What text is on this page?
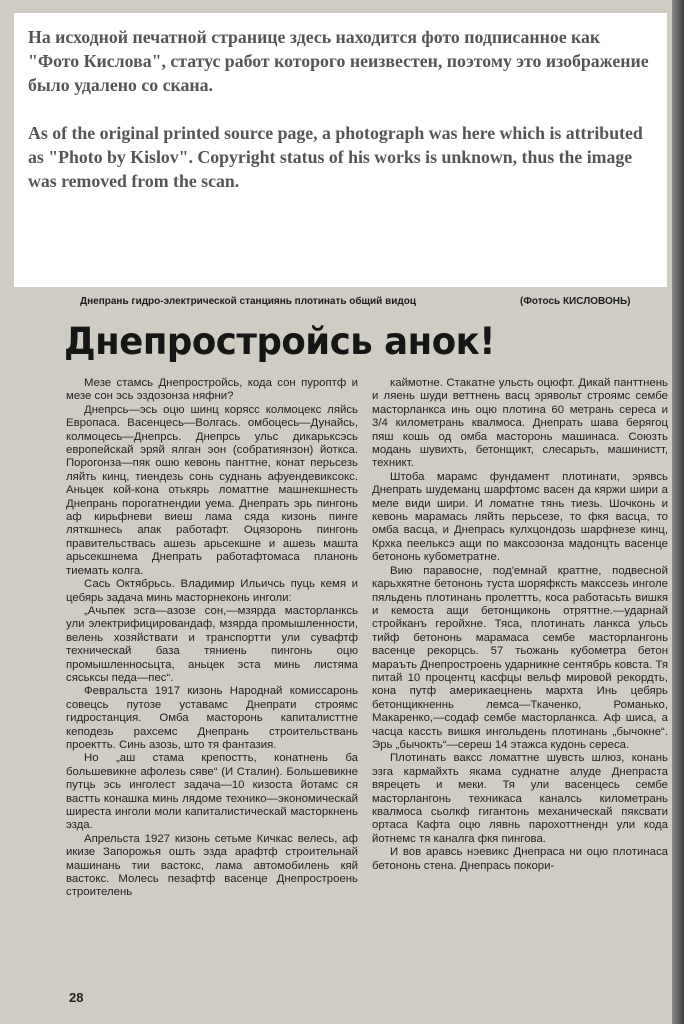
На исходной печатной странице здесь находится фото подписанное как "Фото Кислова", статус работ которого неизвестен, поэтому это изображение было удалено со скана.

As of the original printed source page, a photograph was here which is attributed as "Photo by Kislov". Copyright status of his works is unknown, thus the image was removed from the scan.

Днепрань гидро-электрической станциянь плотинать общий видоц	(Фотось КИСЛОВОНЬ)
Днепростройсь анок!

Мезе стамсь Днепростройсь, кода сон пуроптф и мезе сон эсь эздозонза няфни?

Днепрсь—эсь оцю шинц корясc колмоцекс ляйсь Европаса. Васенцесь—Волгась. омбоцесь—Дунайсь, колмоцесь—Днепрсь. Днепрсь ульс дикарьксэсь европейскай эряй ялган эон (собратиянзон) йоткса. Порогонза—пяк ошю кевонь панттне, конат перьсезь ляйть кинц, тиендезь сонь суднань афуендевиксокс. Аньцек кой-кона отькярь ломаттне машнекшнесть Днепрань порогатнендии уема. Днепрать эрь пингонь аф кирьфневи виеш лама сяда кизонь пинге ляткшнесь апак работафт. Оцязоронь пингонь правительствась ашезь арьсекшне и ашезь машта арьсекшнема Днепрать работафтомаса планонь тиемать колга.

Сась Октябрьсь. Владимир Ильичсь пуць кемя и цебярь задача минь масторнеконь инголи:

„Ачьпек эсга—азозе сон,—мзярда масторланксь ули электрифицировандаф, мзярда промышленности, велень хозяйствати и транспортти ули сувафтф техническай база тяниень пингонь оцю промышленносьцта, аньцек эста минь листяма сяськсы педа—пес“.

Февральста 1917 кизонь Народнай комиссаронь совецсь путозе уставамс Днепрати строямс гидростанция. Омба масторонь капиталисттне кеподезь рахсемс Днепрань строительствань проектть. Синь азозь, што тя фантазия.

Но „аш стама крепостть, конатнень ба большевикне афолезь сяве“ (И Сталин). Большевикне путць эсь инголест задача—10 кизоста йотамс ся вастть конашка минь лядоме технико—экономическай ширеста инголи моли капиталистическай масторкнень эзда.

Апрельста 1927 кизонь сетьме Кичкас велесь, аф икизе Запорожья ошть эзда арафтф строительнай машинань тии вастокс, лама автомобилень кяй вастокс. Молесь пезафтф васенце Днепростроень строителень

каймотне. Стакатне ульсть оцюфт. Дикай панттнень и ляень шуди веттнень васц эрявольт строямс сембе масторланкса инь оцю плотина 60 метрань сереса и 3/4 километрань квалмоса. Днепрать шава берягоц пяш кошь од омба масторонь машинаса. Союзть модань шувихть, бетонщикт, слесарьть, машинистт, техникт.

Штоба марамс фундамент плотинати, эрявсь Днепрать шудеманц шарфтомс васен да кяржи шири а меле види шири. И ломатне тянь тиезь. Шочконь и кевонь марамась ляйть перьсезе, то фкя васца, то омба васца, и Днепрась кулхцондозь шарфнезе кинц, Крхка пеельксэ ащи по максозонза мадонцть васенце бетононь кубометратне.

Вию паравосне, под'емнай краттне, подвесной карьхкятне бетононь туста шоряфксть максcезь инголе пяльдень плотинань пролеттть, коса работасьть вишкя и кемоста ащи бетонщиконь отряттне.—ударнай стройканъ геройхне. Тяса, плотинать ланкса ульсь тийф бетононь марамаса сембе масторлангонь васенце рекорцсь. 57 тьожань кубометра бетон мараъть Днепростроень ударникне сентябрь ковста. Тя питай 10 процентц касфцы вельф мировой рекордть, кона путф америкаецнень мархта Инь цебярь бетонщикненнь лемса—Ткаченко, Романько, Макаренко,—содаф сембе масторланкса. Аф шиса, а часца касcть вишкя ингольдень плотинань „бычокне“. Эрь „бычокть“—сереш 14 этажса кудонь сереса.

Плотинать вакcс ломаттне шувсть шлюз, конань эзга кармайхть якама суднатне алуде Днепраста вярецеть и меки. Тя ули васенцесь сембе масторлангонь техникаса каналсь километрань квалмоса сьолкф гигантонь механическай пяксвати ортаса Кафта оцю лявнь парохоттнендн ули кода йотнемс тя каналга фкя пингова.

И вов аравсь нэевикс Днепраса ни оцю плотинаса бетононь стена. Днепрась покори-

28
